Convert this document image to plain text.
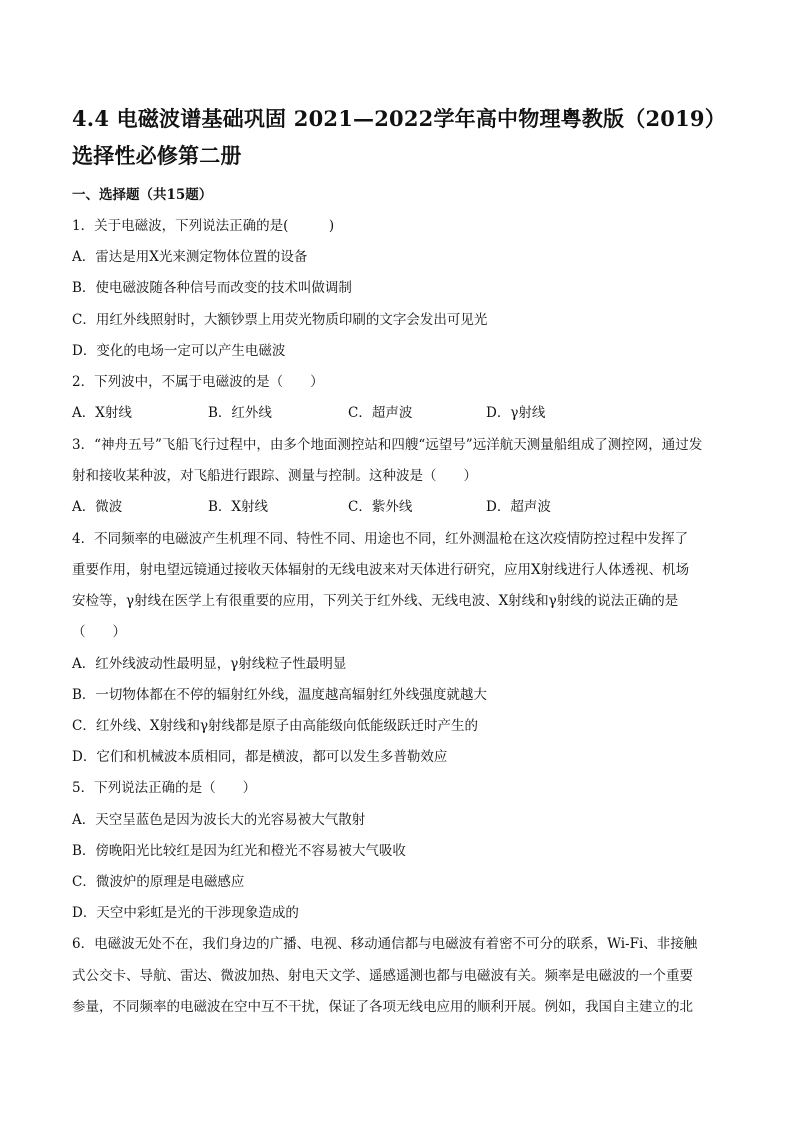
4.4 电磁波谱基础巩固 2021—2022学年高中物理粤教版（2019）选择性必修第二册
一、选择题（共15题）
1．关于电磁波，下列说法正确的是(　　　)
A．雷达是用X光来测定物体位置的设备
B．使电磁波随各种信号而改变的技术叫做调制
C．用红外线照射时，大额钞票上用荧光物质印刷的文字会发出可见光
D．变化的电场一定可以产生电磁波
2．下列波中，不属于电磁波的是（　　）
A．X射线	B．红外线	C．超声波	D．γ射线
3．“神舟五号”飞船飞行过程中，由多个地面测控站和四艘“远望号”远洋航天测量船组成了测控网，通过发
射和接收某种波，对飞船进行跟踪、测量与控制。这种波是（　　）
A．微波	B．X射线	C．紫外线	D．超声波
4．不同频率的电磁波产生机理不同、特性不同、用途也不同，红外测温枪在这次疫情防控过程中发挥了
重要作用，射电望远镜通过接收天体辐射的无线电波来对天体进行研究，应用X射线进行人体透视、机场
安检等，γ射线在医学上有很重要的应用，下列关于红外线、无线电波、X射线和γ射线的说法正确的是
（　　）
A．红外线波动性最明显，γ射线粒子性最明显
B．一切物体都在不停的辐射红外线，温度越高辐射红外线强度就越大
C．红外线、X射线和γ射线都是原子由高能级向低能级跃迁时产生的
D．它们和机械波本质相同，都是横波，都可以发生多普勒效应
5．下列说法正确的是（　　）
A．天空呈蓝色是因为波长大的光容易被大气散射
B．傍晚阳光比较红是因为红光和橙光不容易被大气吸收
C．微波炉的原理是电磁感应
D．天空中彩虹是光的干涉现象造成的
6．电磁波无处不在，我们身边的广播、电视、移动通信都与电磁波有着密不可分的联系，Wi-Fi、非接触
式公交卡、导航、雷达、微波加热、射电天文学、遥感遥测也都与电磁波有关。频率是电磁波的一个重要
参量，不同频率的电磁波在空中互不干扰，保证了各项无线电应用的顺利开展。例如，我国自主建立的北
